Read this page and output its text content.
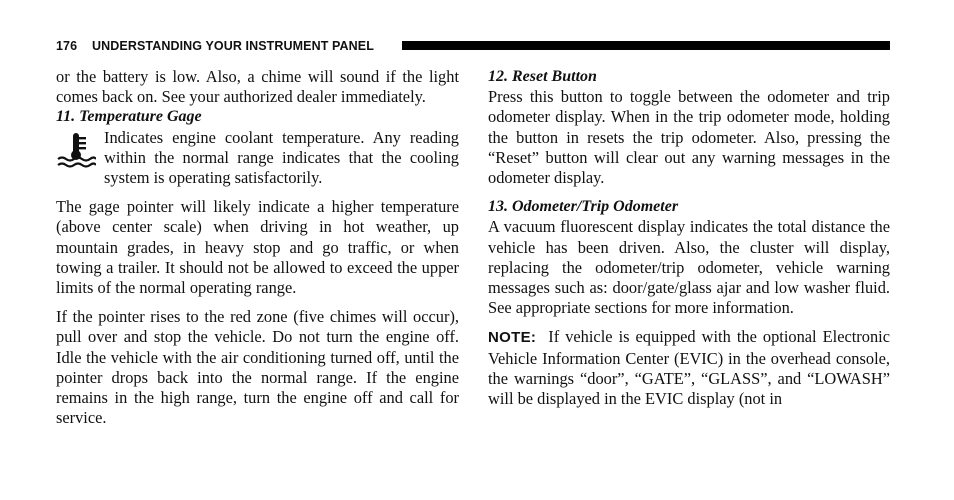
176 UNDERSTANDING YOUR INSTRUMENT PANEL

or the battery is low. Also, a chime will sound if the light comes back on. See your authorized dealer immediately.

11. Temperature Gage

Indicates engine coolant temperature. Any reading within the normal range indicates that the cooling system is operating satisfactorily.

The gage pointer will likely indicate a higher temperature (above center scale) when driving in hot weather, up mountain grades, in heavy stop and go traffic, or when towing a trailer. It should not be allowed to exceed the upper limits of the normal operating range.

If the pointer rises to the red zone (five chimes will occur), pull over and stop the vehicle. Do not turn the engine off. Idle the vehicle with the air conditioning turned off, until the pointer drops back into the normal range. If the engine remains in the high range, turn the engine off and call for service.

12. Reset Button

Press this button to toggle between the odometer and trip odometer display. When in the trip odometer mode, holding the button in resets the trip odometer. Also, pressing the “Reset” button will clear out any warning messages in the odometer display.

13. Odometer/Trip Odometer

A vacuum fluorescent display indicates the total distance the vehicle has been driven. Also, the cluster will display, replacing the odometer/trip odometer, vehicle warning messages such as: door/gate/glass ajar and low washer fluid. See appropriate sections for more information.

NOTE: If vehicle is equipped with the optional Electronic Vehicle Information Center (EVIC) in the overhead console, the warnings “door”, “GATE”, “GLASS”, and “LOWASH” will be displayed in the EVIC display (not in
